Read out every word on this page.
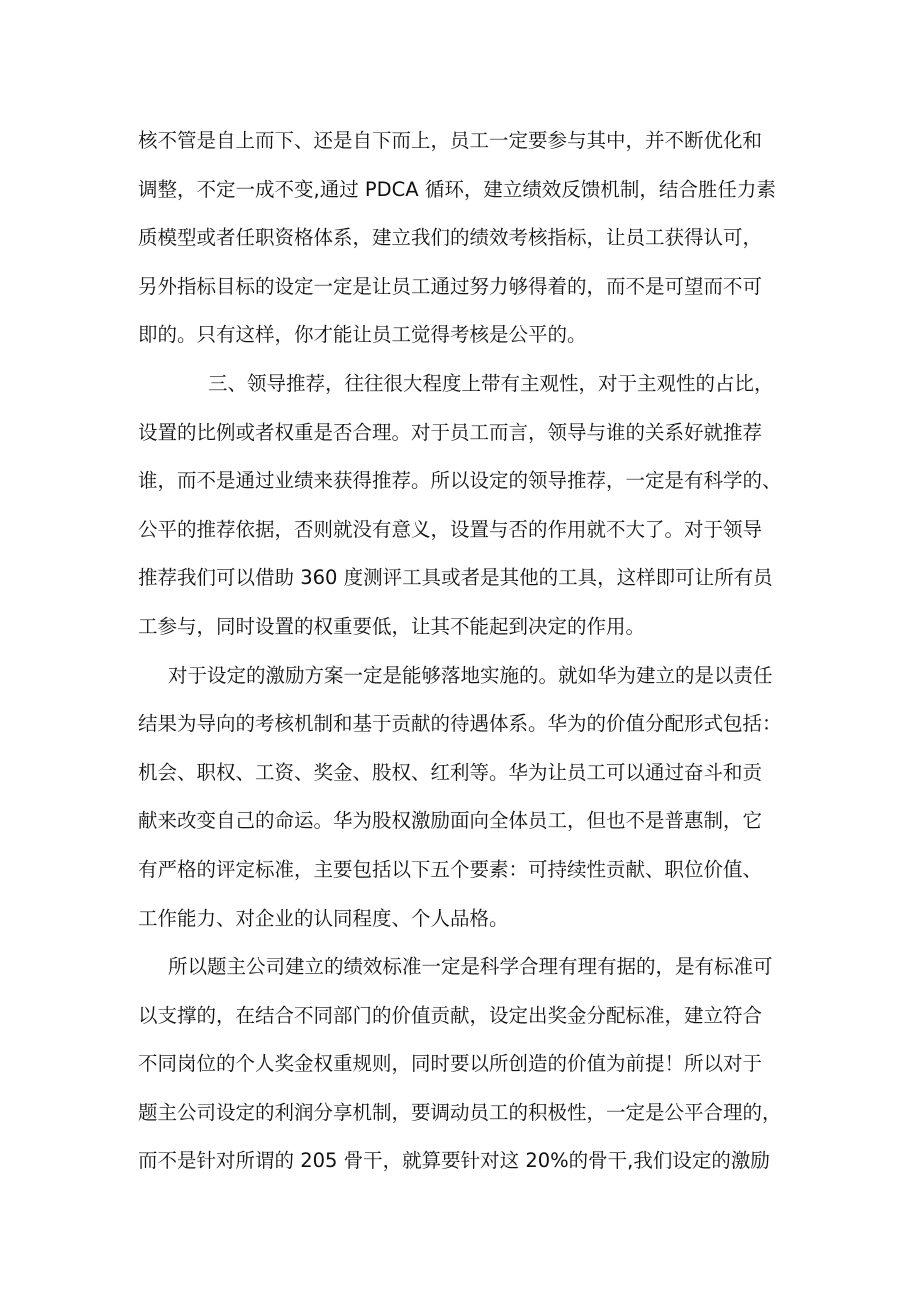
核不管是自上而下、还是自下而上，员工一定要参与其中，并不断优化和
调整，不定一成不变,通过 PDCA 循环，建立绩效反馈机制，结合胜任力素
质模型或者任职资格体系，建立我们的绩效考核指标，让员工获得认可，
另外指标目标的设定一定是让员工通过努力够得着的，而不是可望而不可
即的。只有这样，你才能让员工觉得考核是公平的。

三、领导推荐，往往很大程度上带有主观性，对于主观性的占比，
设置的比例或者权重是否合理。对于员工而言，领导与谁的关系好就推荐
谁，而不是通过业绩来获得推荐。所以设定的领导推荐，一定是有科学的、
公平的推荐依据，否则就没有意义，设置与否的作用就不大了。对于领导
推荐我们可以借助 360 度测评工具或者是其他的工具，这样即可让所有员
工参与，同时设置的权重要低，让其不能起到决定的作用。

对于设定的激励方案一定是能够落地实施的。就如华为建立的是以责任
结果为导向的考核机制和基于贡献的待遇体系。华为的价值分配形式包括：
机会、职权、工资、奖金、股权、红利等。华为让员工可以通过奋斗和贡
献来改变自己的命运。华为股权激励面向全体员工，但也不是普惠制，它
有严格的评定标准，主要包括以下五个要素：可持续性贡献、职位价值、
工作能力、对企业的认同程度、个人品格。

所以题主公司建立的绩效标准一定是科学合理有理有据的，是有标准可
以支撑的，在结合不同部门的价值贡献，设定出奖金分配标准，建立符合
不同岗位的个人奖金权重规则，同时要以所创造的价值为前提！所以对于
题主公司设定的利润分享机制，要调动员工的积极性，一定是公平合理的，
而不是针对所谓的 205 骨干，就算要针对这 20%的骨干,我们设定的激励
